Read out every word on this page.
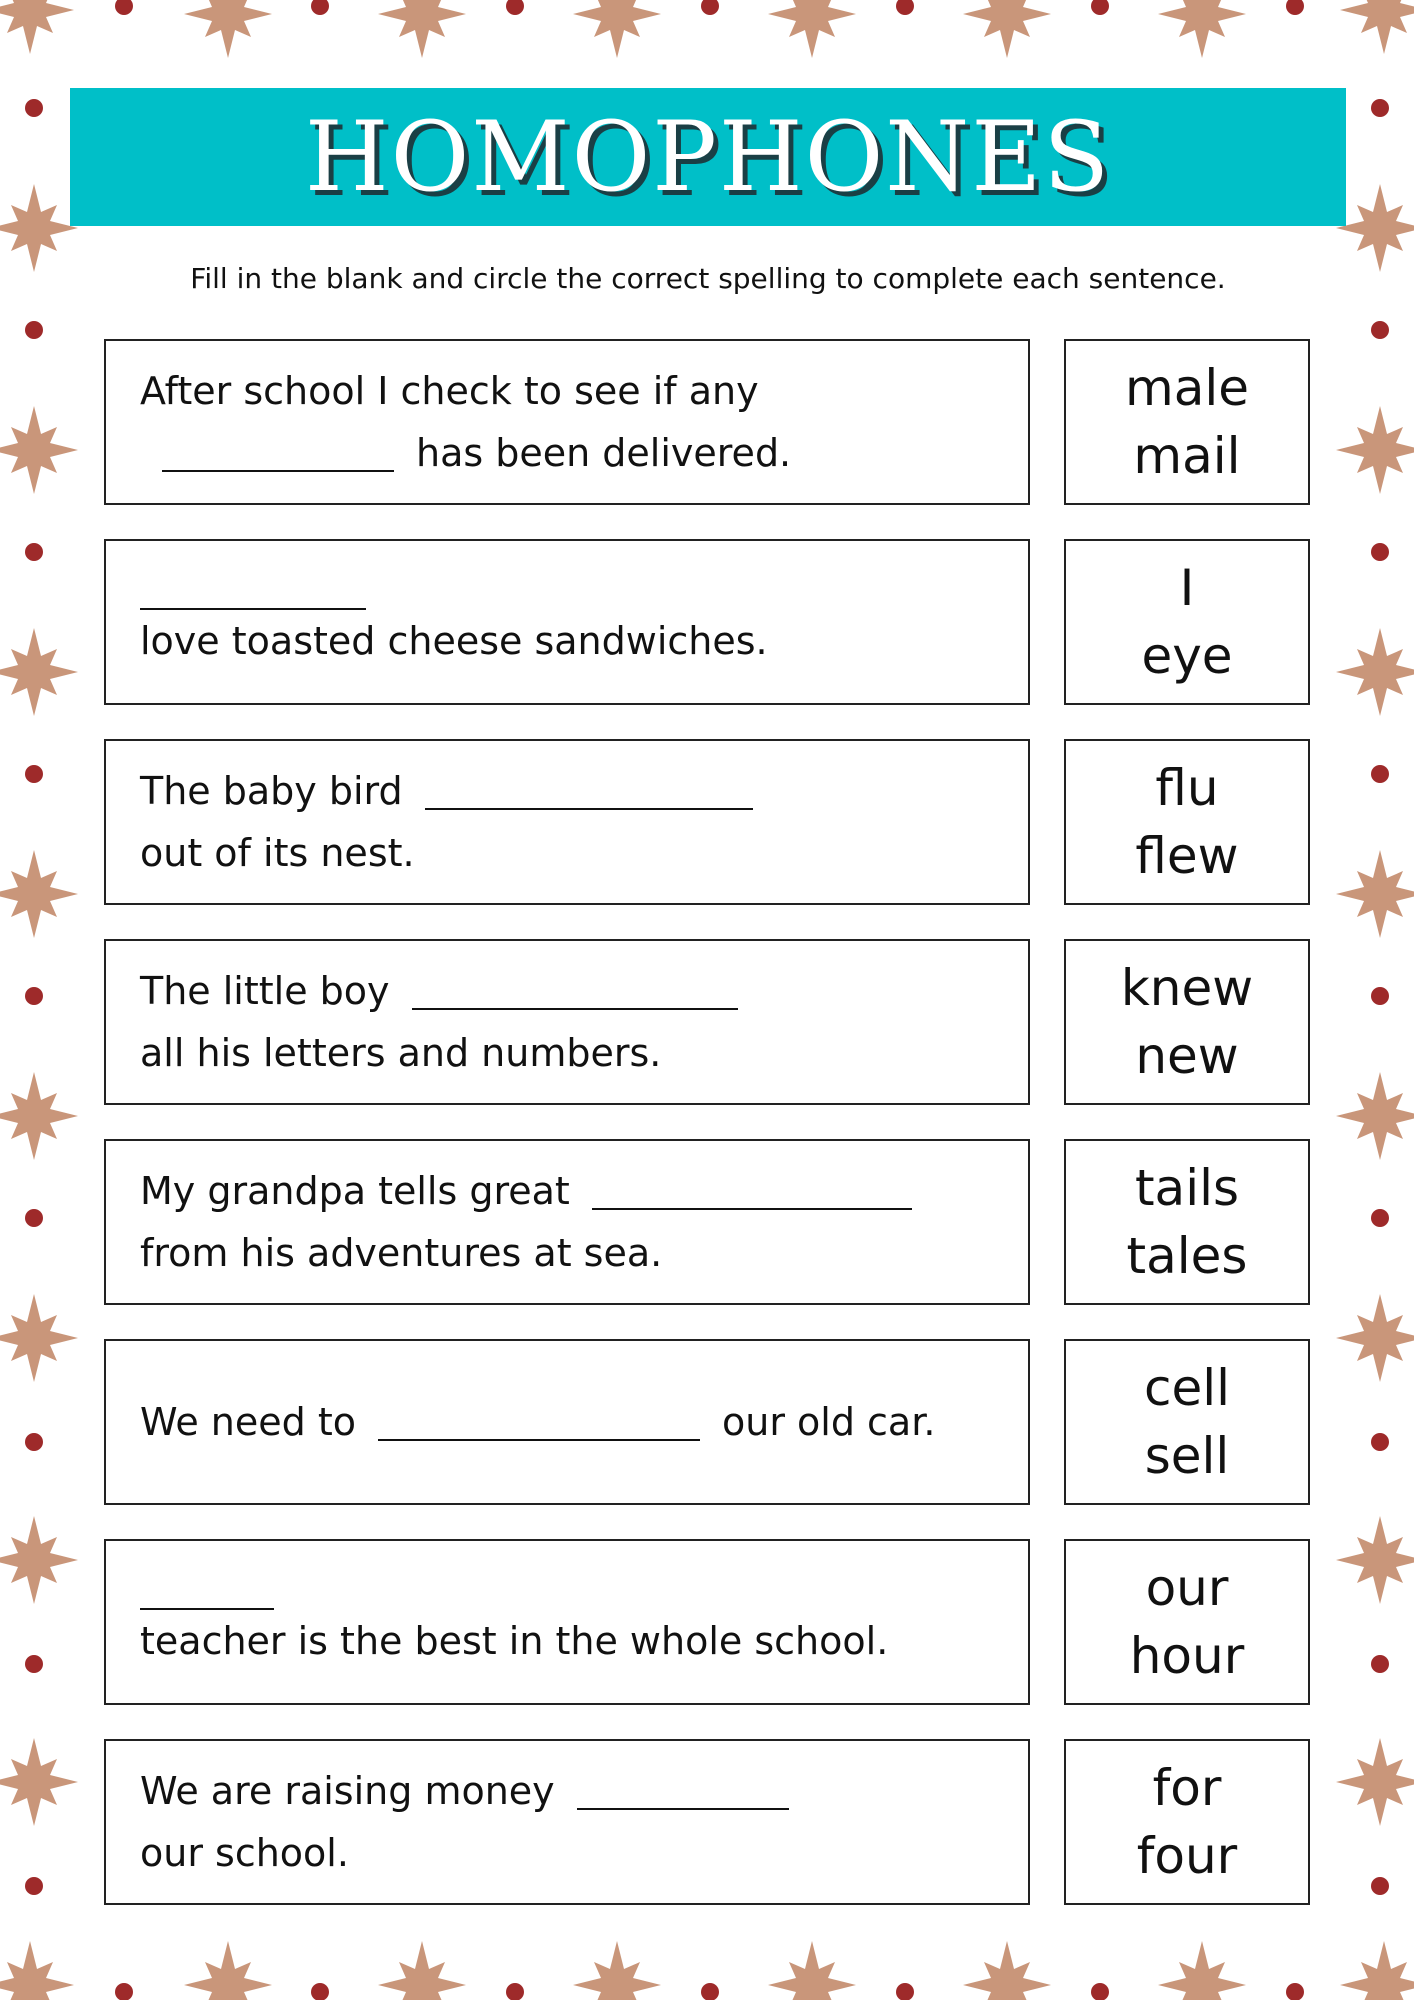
HOMOPHONES
Fill in the blank and circle the correct spelling to complete each sentence.
After school I check to see if any
has been delivered.
male
mail
love toasted cheese sandwiches.
I
eye
The baby bird
out of its nest.
flu
flew
The little boy
all his letters and numbers.
knew
new
My grandpa tells great
from his adventures at sea.
tails
tales
We need to	our old car.
cell
sell
teacher is the best in the whole school.
our
hour
We are raising money
our school.
for
four
